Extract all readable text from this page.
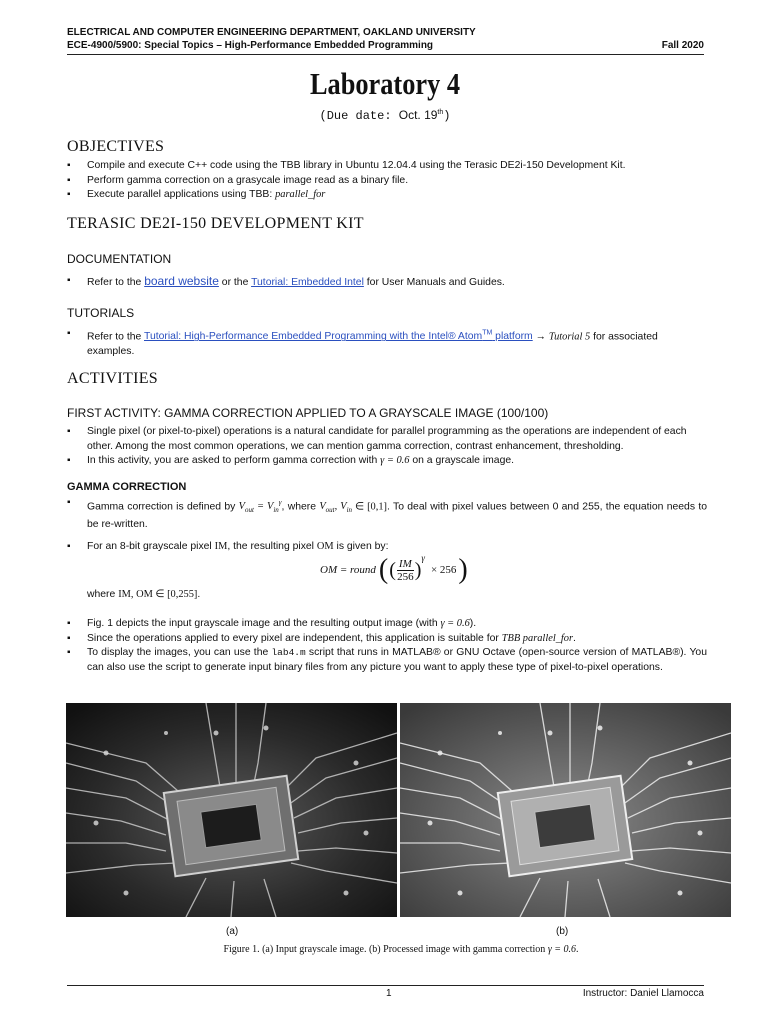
ELECTRICAL AND COMPUTER ENGINEERING DEPARTMENT, OAKLAND UNIVERSITY
ECE-4900/5900: Special Topics – High-Performance Embedded Programming	Fall 2020
Laboratory 4
(Due date: Oct. 19th)
OBJECTIVES
▪ Compile and execute C++ code using the TBB library in Ubuntu 12.04.4 using the Terasic DE2i-150 Development Kit.
▪ Perform gamma correction on a grasycale image read as a binary file.
▪ Execute parallel applications using TBB: parallel_for
TERASIC DE2I-150 DEVELOPMENT KIT
DOCUMENTATION
▪ Refer to the board website or the Tutorial: Embedded Intel for User Manuals and Guides.
TUTORIALS
▪ Refer to the Tutorial: High-Performance Embedded Programming with the Intel® Atom™ platform → Tutorial 5 for associated examples.
ACTIVITIES
FIRST ACTIVITY: GAMMA CORRECTION APPLIED TO A GRAYSCALE IMAGE (100/100)
▪ Single pixel (or pixel-to-pixel) operations is a natural candidate for parallel programming as the operations are independent of each other. Among the most common operations, we can mention gamma correction, contrast enhancement, thresholding.
▪ In this activity, you are asked to perform gamma correction with γ = 0.6 on a grayscale image.
GAMMA CORRECTION
▪ Gamma correction is defined by $V_{out} = V_{in}^\gamma$, where $V_{out}$, $V_{in}$ ∈ [0,1]. To deal with pixel values between 0 and 255, the equation needs to be re-written.
▪ For an 8-bit grayscale pixel IM, the resulting pixel OM is given by:
OM = round ( ( $\frac{IM}{256}$ )
γ
× 256 )
where IM, OM ∈ [0,255].
▪ Fig. 1 depicts the input grayscale image and the resulting output image (with γ = 0.6).
▪ Since the operations applied to every pixel are independent, this application is suitable for TBB parallel_for.
▪ To display the images, you can use the lab4.m script that runs in MATLAB® or GNU Octave (open-source version of MATLAB®). You can also use the script to generate input binary files from any picture you want to apply these type of pixel-to-pixel operations.
(a)	(b)
Figure 1. (a) Input grayscale image. (b) Processed image with gamma correction γ = 0.6.
1	Instructor: Daniel Llamocca
